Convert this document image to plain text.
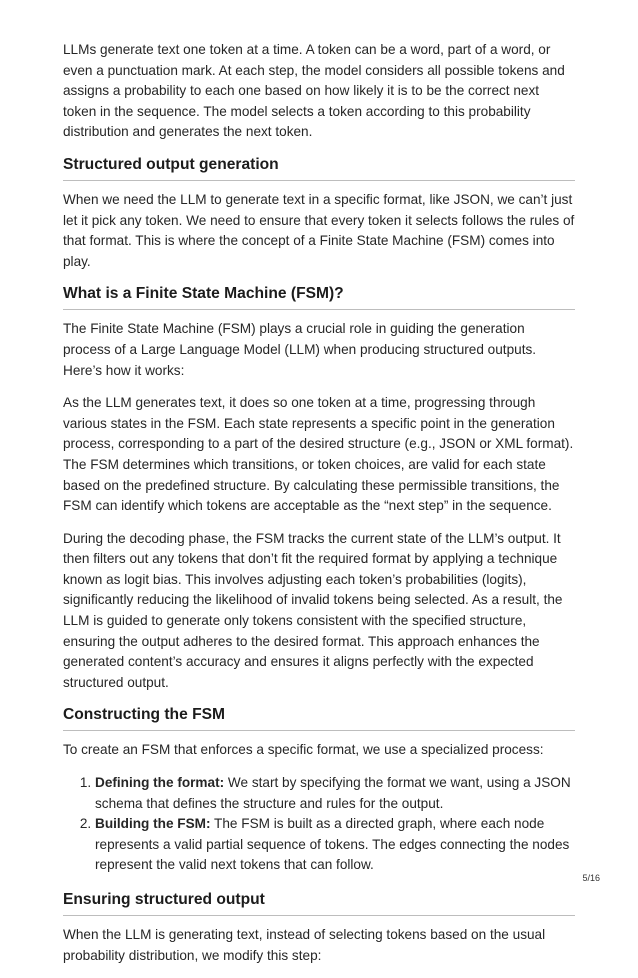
LLMs generate text one token at a time. A token can be a word, part of a word, or even a punctuation mark. At each step, the model considers all possible tokens and assigns a probability to each one based on how likely it is to be the correct next token in the sequence. The model selects a token according to this probability distribution and generates the next token.

Structured output generation

When we need the LLM to generate text in a specific format, like JSON, we can’t just let it pick any token. We need to ensure that every token it selects follows the rules of that format. This is where the concept of a Finite State Machine (FSM) comes into play.

What is a Finite State Machine (FSM)?

The Finite State Machine (FSM) plays a crucial role in guiding the generation process of a Large Language Model (LLM) when producing structured outputs. Here’s how it works:

As the LLM generates text, it does so one token at a time, progressing through various states in the FSM. Each state represents a specific point in the generation process, corresponding to a part of the desired structure (e.g., JSON or XML format). The FSM determines which transitions, or token choices, are valid for each state based on the predefined structure. By calculating these permissible transitions, the FSM can identify which tokens are acceptable as the “next step” in the sequence.

During the decoding phase, the FSM tracks the current state of the LLM’s output. It then filters out any tokens that don’t fit the required format by applying a technique known as logit bias. This involves adjusting each token’s probabilities (logits), significantly reducing the likelihood of invalid tokens being selected. As a result, the LLM is guided to generate only tokens consistent with the specified structure, ensuring the output adheres to the desired format. This approach enhances the generated content’s accuracy and ensures it aligns perfectly with the expected structured output.

Constructing the FSM

To create an FSM that enforces a specific format, we use a specialized process:

1. Defining the format: We start by specifying the format we want, using a JSON schema that defines the structure and rules for the output.
2. Building the FSM: The FSM is built as a directed graph, where each node represents a valid partial sequence of tokens. The edges connecting the nodes represent the valid next tokens that can follow.
Ensuring structured output

When the LLM is generating text, instead of selecting tokens based on the usual probability distribution, we modify this step:

5/16
